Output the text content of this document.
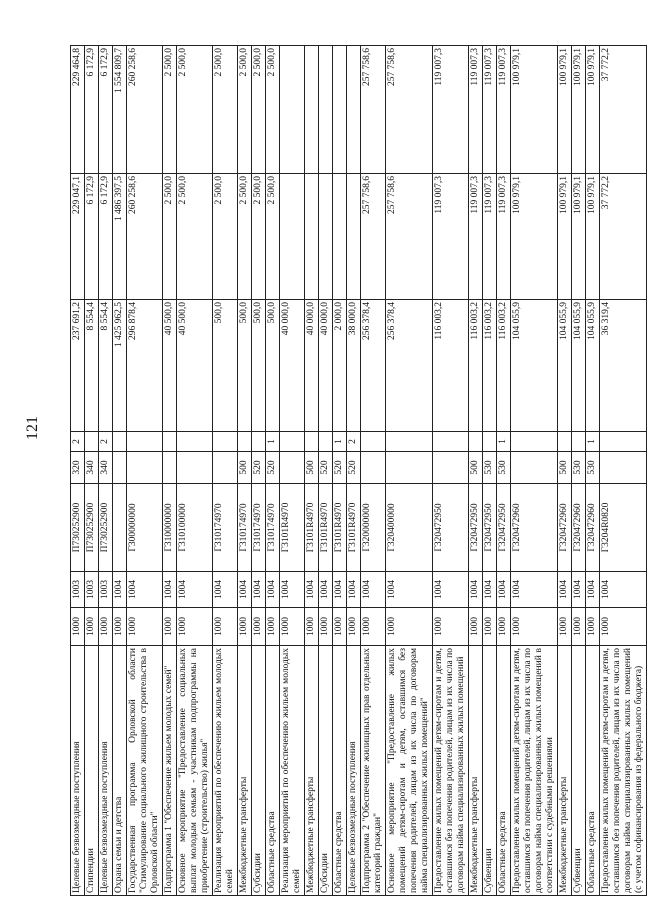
121
Целевые безвозмездные поступления	1000	1003	П730252900	320	2	237 691,2	229 047,1	229 464,8
Стипендии	1000	1003	П730252900	340		8 554,4	6 172,9	6 172,9
Целевые безвозмездные поступления	1000	1003	П730252900	340	2	8 554,4	6 172,9	6 172,9
Охрана семьи и детства	1000	1004				1 425 962,5	1 486 397,5	1 554 809,7
Государственная программа Орловской области "Стимулирование социального жилищного строительства в Орловской области"	1000	1004	Г300000000			296 878,4	260 258,6	260 258,6
Подпрограмма 1 "Обеспечение жильем молодых семей"	1000	1004	Г310000000			40 500,0	2 500,0	2 500,0
Основное мероприятие "Предоставление социальных выплат молодым семьям - участникам подпрограммы на приобретение (строительство) жилья"	1000	1004	Г310100000			40 500,0	2 500,0	2 500,0
Реализация мероприятий по обеспечению жильем молодых семей	1000	1004	Г310174970			500,0	2 500,0	2 500,0
Межбюджетные трансферты	1000	1004	Г310174970	500		500,0	2 500,0	2 500,0
Субсидии	1000	1004	Г310174970	520		500,0	2 500,0	2 500,0
Областные средства	1000	1004	Г310174970	520	1	500,0	2 500,0	2 500,0
Реализация мероприятий по обеспечению жильем молодых семей	1000	1004	Г3101R4970			40 000,0		
Межбюджетные трансферты	1000	1004	Г3101R4970	500		40 000,0		
Субсидии	1000	1004	Г3101R4970	520		40 000,0		
Областные средства	1000	1004	Г3101R4970	520	1	2 000,0		
Целевые безвозмездные поступления	1000	1004	Г3101R4970	520	2	38 000,0		
Подпрограмма 2 "Обеспечение жилищных прав отдельных категорий граждан"	1000	1004	Г320000000			256 378,4	257 758,6	257 758,6
Основное мероприятие "Предоставление жилых помещений детям-сиротам и детям, оставшимся без попечения родителей, лицам из их числа по договорам найма специализированных жилых помещений"	1000	1004	Г320400000			256 378,4	257 758,6	257 758,6
Предоставление жилых помещений детям-сиротам и детям, оставшимся без попечения родителей, лицам из их числа по договорам найма специализированных жилых помещений	1000	1004	Г320472950			116 003,2	119 007,3	119 007,3
Межбюджетные трансферты	1000	1004	Г320472950	500		116 003,2	119 007,3	119 007,3
Субвенции	1000	1004	Г320472950	530		116 003,2	119 007,3	119 007,3
Областные средства	1000	1004	Г320472950	530	1	116 003,2	119 007,3	119 007,3
Предоставление жилых помещений детям-сиротам и детям, оставшимся без попечения родителей, лицам из их числа по договорам найма специализированных жилых помещений в соответствии с судебными решениями	1000	1004	Г320472960			104 055,9	100 979,1	100 979,1
Межбюджетные трансферты	1000	1004	Г320472960	500		104 055,9	100 979,1	100 979,1
Субвенции	1000	1004	Г320472960	530		104 055,9	100 979,1	100 979,1
Областные средства	1000	1004	Г320472960	530	1	104 055,9	100 979,1	100 979,1
Предоставление жилых помещений детям-сиротам и детям, оставшимся без попечения родителей, лицам из их числа по договорам найма специализированных жилых помещений (с учетом софинансирования из федерального бюджета)	1000	1004	Г3204R0820			36 319,4	37 772,2	37 772,2
